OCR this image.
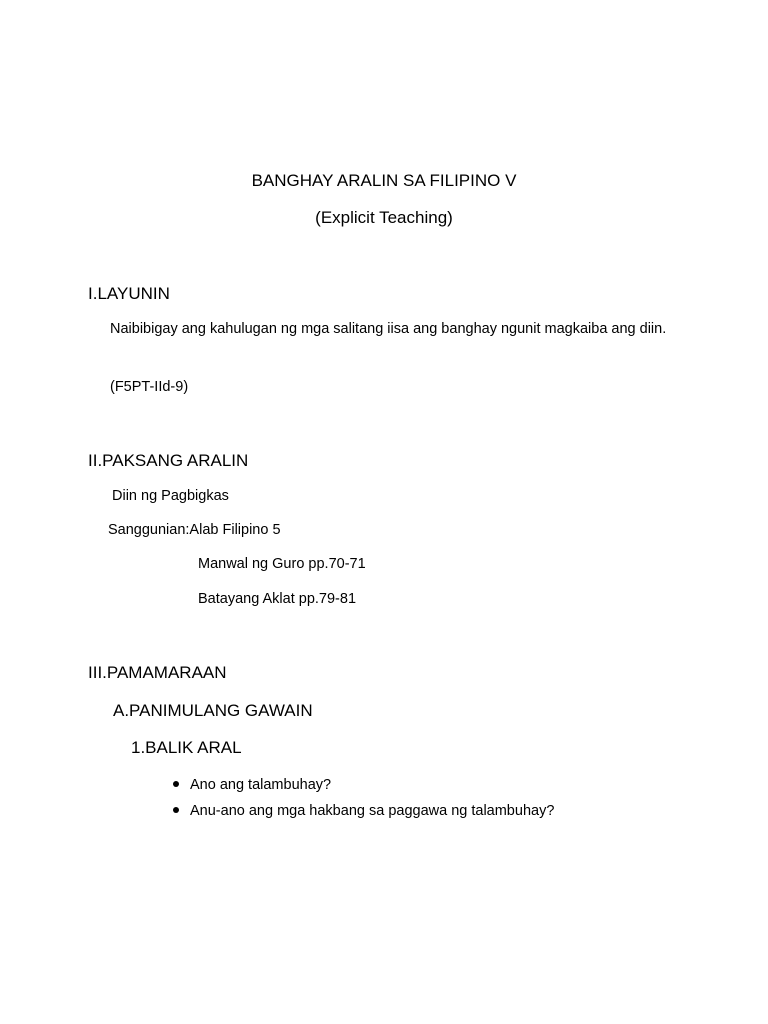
BANGHAY ARALIN SA FILIPINO V
(Explicit Teaching)
I.LAYUNIN
Naibibigay ang kahulugan ng mga salitang iisa ang banghay ngunit magkaiba ang diin.
(F5PT-IId-9)
II.PAKSANG ARALIN
Diin ng Pagbigkas
Sanggunian:Alab Filipino 5
Manwal ng Guro pp.70-71
Batayang Aklat pp.79-81
III.PAMAMARAAN
A.PANIMULANG GAWAIN
1.BALIK ARAL
Ano ang talambuhay?
Anu-ano ang mga hakbang sa paggawa ng talambuhay?
